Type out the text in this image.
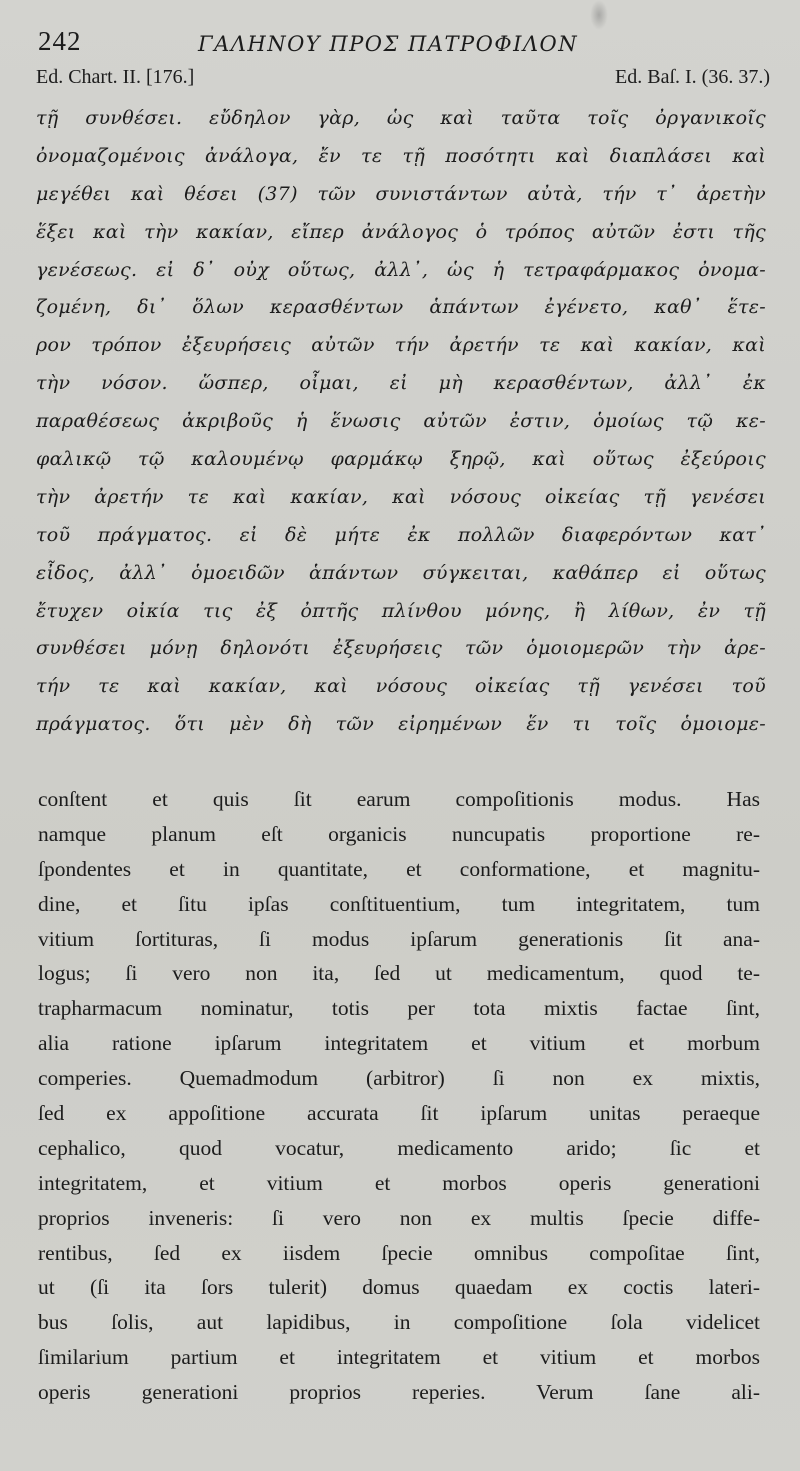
242	ΓΑΛΗΝΟΥ ΠΡΟΣ ΠΑΤΡΟΦΙΛΟΝ
Ed. Chart. II. [176.]	Ed. Baſ. I. (36. 37.)
τῇ συνθέσει. εὔδηλον γὰρ, ὡς καὶ ταῦτα τοῖς ὀργανικοῖς
ὀνομαζομένοις ἀνάλογα, ἔν τε τῇ ποσότητι καὶ διαπλάσει καὶ
μεγέθει καὶ θέσει (37) τῶν συνιστάντων αὐτὰ, τήν τ᾽ ἀρετὴν
ἕξει καὶ τὴν κακίαν, εἴπερ ἀνάλογος ὁ τρόπος αὐτῶν ἐστι τῆς
γενέσεως. εἰ δ᾽ οὐχ οὕτως, ἀλλ᾽, ὡς ἡ τετραφάρμακος ὀνομα-
ζομένη, δι᾽ ὅλων κερασθέντων ἁπάντων ἐγένετο, καθ᾽ ἕτε-
ρον τρόπον ἐξευρήσεις αὐτῶν τήν ἀρετήν τε καὶ κακίαν, καὶ
τὴν νόσον. ὥσπερ, οἶμαι, εἰ μὴ κερασθέντων, ἀλλ᾽ ἐκ
παραθέσεως ἀκριβοῦς ἡ ἕνωσις αὐτῶν ἐστιν, ὁμοίως τῷ κε-
φαλικῷ τῷ καλουμένῳ φαρμάκῳ ξηρῷ, καὶ οὕτως ἐξεύροις
τὴν ἀρετήν τε καὶ κακίαν, καὶ νόσους οἰκείας τῇ γενέσει
τοῦ πράγματος. εἰ δὲ μήτε ἐκ πολλῶν διαφερόντων κατ᾽
εἶδος, ἀλλ᾽ ὁμοειδῶν ἁπάντων σύγκειται, καθάπερ εἰ οὕτως
ἔτυχεν οἰκία τις ἐξ ὀπτῆς πλίνθου μόνης, ἢ λίθων, ἐν τῇ
συνθέσει μόνῃ δηλονότι ἐξευρήσεις τῶν ὁμοιομερῶν τὴν ἀρε-
τήν τε καὶ κακίαν, καὶ νόσους οἰκείας τῇ γενέσει τοῦ
πράγματος. ὅτι μὲν δὴ τῶν εἰρημένων ἕν τι τοῖς ὁμοιομε-
conſtent et quis ſit earum compoſitionis modus. Has
namque planum eſt organicis nuncupatis proportione re-
ſpondentes et in quantitate, et conformatione, et magnitu-
dine, et ſitu ipſas conſtituentium, tum integritatem, tum
vitium ſortituras, ſi modus ipſarum generationis ſit ana-
logus; ſi vero non ita, ſed ut medicamentum, quod te-
trapharmacum nominatur, totis per tota mixtis factae ſint,
alia ratione ipſarum integritatem et vitium et morbum
comperies. Quemadmodum (arbitror) ſi non ex mixtis,
ſed ex appoſitione accurata ſit ipſarum unitas peraeque
cephalico, quod vocatur, medicamento arido; ſic et
integritatem, et vitium et morbos operis generationi
proprios inveneris: ſi vero non ex multis ſpecie diffe-
rentibus, ſed ex iisdem ſpecie omnibus compoſitae ſint,
ut (ſi ita ſors tulerit) domus quaedam ex coctis lateri-
bus ſolis, aut lapidibus, in compoſitione ſola videlicet
ſimilarium partium et integritatem et vitium et morbos
operis generationi proprios reperies. Verum ſane ali-
